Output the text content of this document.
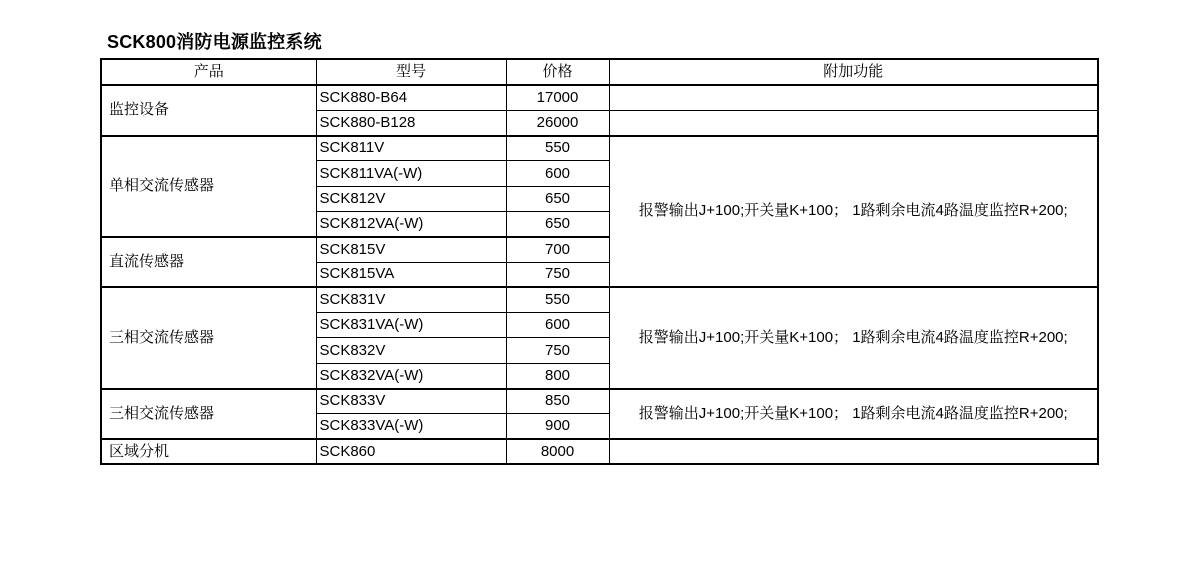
SCK800消防电源监控系统
产品	型号	价格	附加功能
监控设备	SCK880-B64	17000	
	SCK880-B128	26000	
单相交流传感器	SCK811V	550	报警输出J+100;开关量K+100； 1路剩余电流4路温度监控R+200;
	SCK811VA(-W)	600	
	SCK812V	650	
	SCK812VA(-W)	650	
直流传感器	SCK815V	700	
	SCK815VA	750	
三相交流传感器	SCK831V	550	报警输出J+100;开关量K+100； 1路剩余电流4路温度监控R+200;
	SCK831VA(-W)	600	
	SCK832V	750	
	SCK832VA(-W)	800	
三相交流传感器	SCK833V	850	报警输出J+100;开关量K+100； 1路剩余电流4路温度监控R+200;
	SCK833VA(-W)	900	
区域分机	SCK860	8000	
